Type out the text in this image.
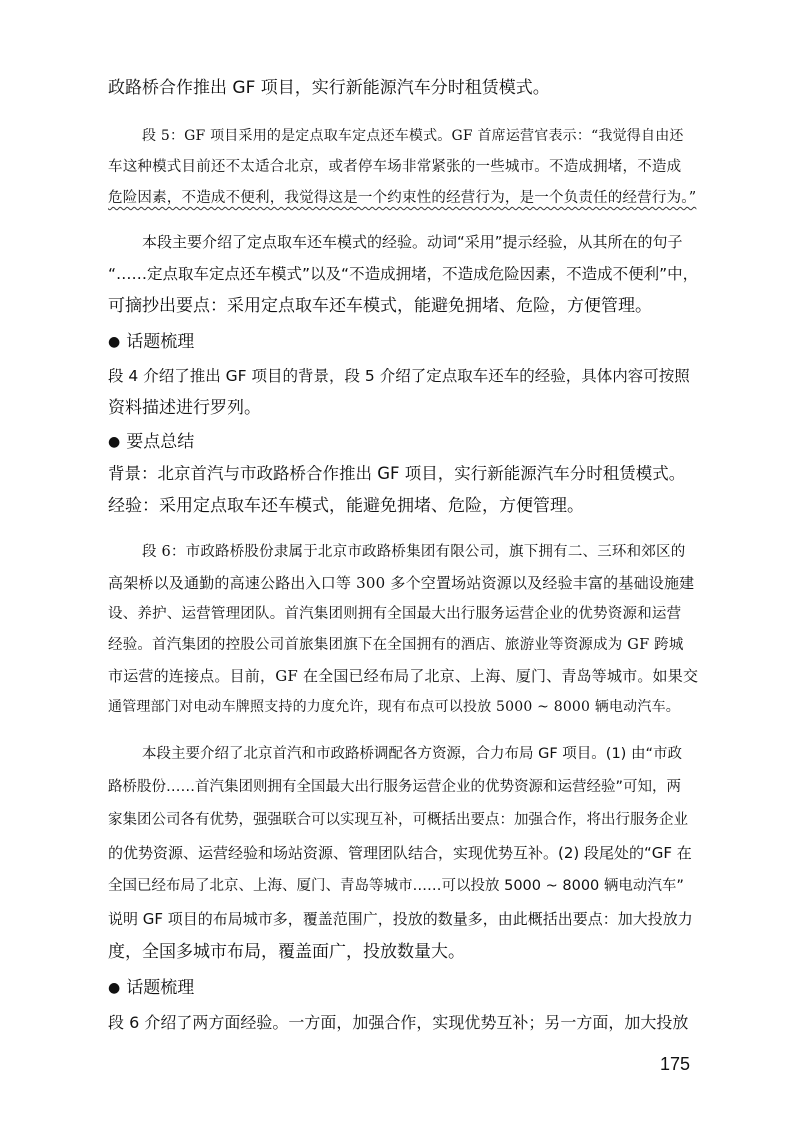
政路桥合作推出 GF 项目，实行新能源汽车分时租赁模式。
段 5：GF 项目采用的是定点取车定点还车模式。GF 首席运营官表示：“我觉得自由还
车这种模式目前还不太适合北京，或者停车场非常紧张的一些城市。不造成拥堵，不造成
危险因素，不造成不便利，我觉得这是一个约束性的经营行为，是一个负责任的经营行为。”
本段主要介绍了定点取车还车模式的经验。动词“采用”提示经验，从其所在的句子
“……定点取车定点还车模式”以及“不造成拥堵，不造成危险因素，不造成不便利”中，
可摘抄出要点：采用定点取车还车模式，能避免拥堵、危险，方便管理。
● 话题梳理
段 4 介绍了推出 GF 项目的背景，段 5 介绍了定点取车还车的经验，具体内容可按照
资料描述进行罗列。
● 要点总结
背景：北京首汽与市政路桥合作推出 GF 项目，实行新能源汽车分时租赁模式。
经验：采用定点取车还车模式，能避免拥堵、危险，方便管理。
段 6：市政路桥股份隶属于北京市政路桥集团有限公司，旗下拥有二、三环和郊区的
高架桥以及通勤的高速公路出入口等 300 多个空置场站资源以及经验丰富的基础设施建
设、养护、运营管理团队。首汽集团则拥有全国最大出行服务运营企业的优势资源和运营
经验。首汽集团的控股公司首旅集团旗下在全国拥有的酒店、旅游业等资源成为 GF 跨城
市运营的连接点。目前，GF 在全国已经布局了北京、上海、厦门、青岛等城市。如果交
通管理部门对电动车牌照支持的力度允许，现有布点可以投放 5000 ~ 8000 辆电动汽车。
本段主要介绍了北京首汽和市政路桥调配各方资源，合力布局 GF 项目。(1) 由“市政
路桥股份……首汽集团则拥有全国最大出行服务运营企业的优势资源和运营经验”可知，两
家集团公司各有优势，强强联合可以实现互补，可概括出要点：加强合作，将出行服务企业
的优势资源、运营经验和场站资源、管理团队结合，实现优势互补。(2) 段尾处的“GF 在
全国已经布局了北京、上海、厦门、青岛等城市……可以投放 5000 ~ 8000 辆电动汽车”
说明 GF 项目的布局城市多，覆盖范围广，投放的数量多，由此概括出要点：加大投放力
度，全国多城市布局，覆盖面广，投放数量大。
● 话题梳理
段 6 介绍了两方面经验。一方面，加强合作，实现优势互补；另一方面，加大投放
175
